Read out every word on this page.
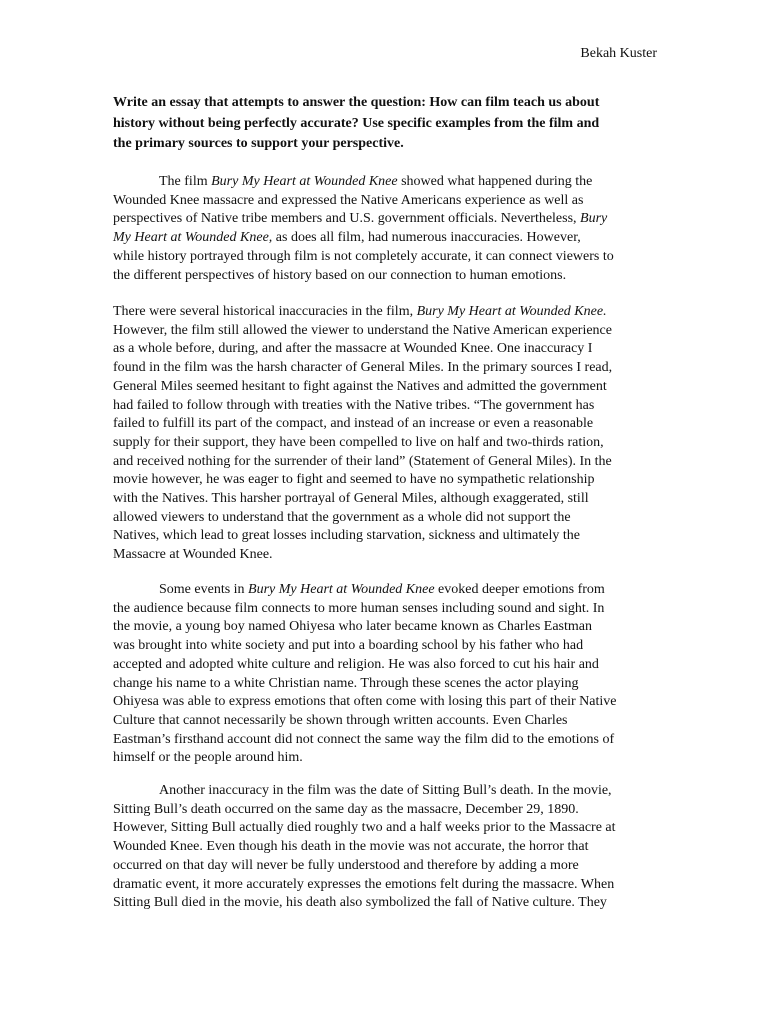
Bekah Kuster
Write an essay that attempts to answer the question: How can film teach us about
history without being perfectly accurate? Use specific examples from the film and
the primary sources to support your perspective.
The film Bury My Heart at Wounded Knee showed what happened during the
Wounded Knee massacre and expressed the Native Americans experience as well as
perspectives of Native tribe members and U.S. government officials. Nevertheless, Bury
My Heart at Wounded Knee, as does all film, had numerous inaccuracies. However,
while history portrayed through film is not completely accurate, it can connect viewers to
the different perspectives of history based on our connection to human emotions.
There were several historical inaccuracies in the film, Bury My Heart at Wounded Knee.
However, the film still allowed the viewer to understand the Native American experience
as a whole before, during, and after the massacre at Wounded Knee. One inaccuracy I
found in the film was the harsh character of General Miles. In the primary sources I read,
General Miles seemed hesitant to fight against the Natives and admitted the government
had failed to follow through with treaties with the Native tribes. “The government has
failed to fulfill its part of the compact, and instead of an increase or even a reasonable
supply for their support, they have been compelled to live on half and two-thirds ration,
and received nothing for the surrender of their land” (Statement of General Miles). In the
movie however, he was eager to fight and seemed to have no sympathetic relationship
with the Natives. This harsher portrayal of General Miles, although exaggerated, still
allowed viewers to understand that the government as a whole did not support the
Natives, which lead to great losses including starvation, sickness and ultimately the
Massacre at Wounded Knee.
Some events in Bury My Heart at Wounded Knee evoked deeper emotions from
the audience because film connects to more human senses including sound and sight. In
the movie, a young boy named Ohiyesa who later became known as Charles Eastman
was brought into white society and put into a boarding school by his father who had
accepted and adopted white culture and religion. He was also forced to cut his hair and
change his name to a white Christian name. Through these scenes the actor playing
Ohiyesa was able to express emotions that often come with losing this part of their Native
Culture that cannot necessarily be shown through written accounts. Even Charles
Eastman’s firsthand account did not connect the same way the film did to the emotions of
himself or the people around him.
Another inaccuracy in the film was the date of Sitting Bull’s death. In the movie,
Sitting Bull’s death occurred on the same day as the massacre, December 29, 1890.
However, Sitting Bull actually died roughly two and a half weeks prior to the Massacre at
Wounded Knee. Even though his death in the movie was not accurate, the horror that
occurred on that day will never be fully understood and therefore by adding a more
dramatic event, it more accurately expresses the emotions felt during the massacre. When
Sitting Bull died in the movie, his death also symbolized the fall of Native culture. They
